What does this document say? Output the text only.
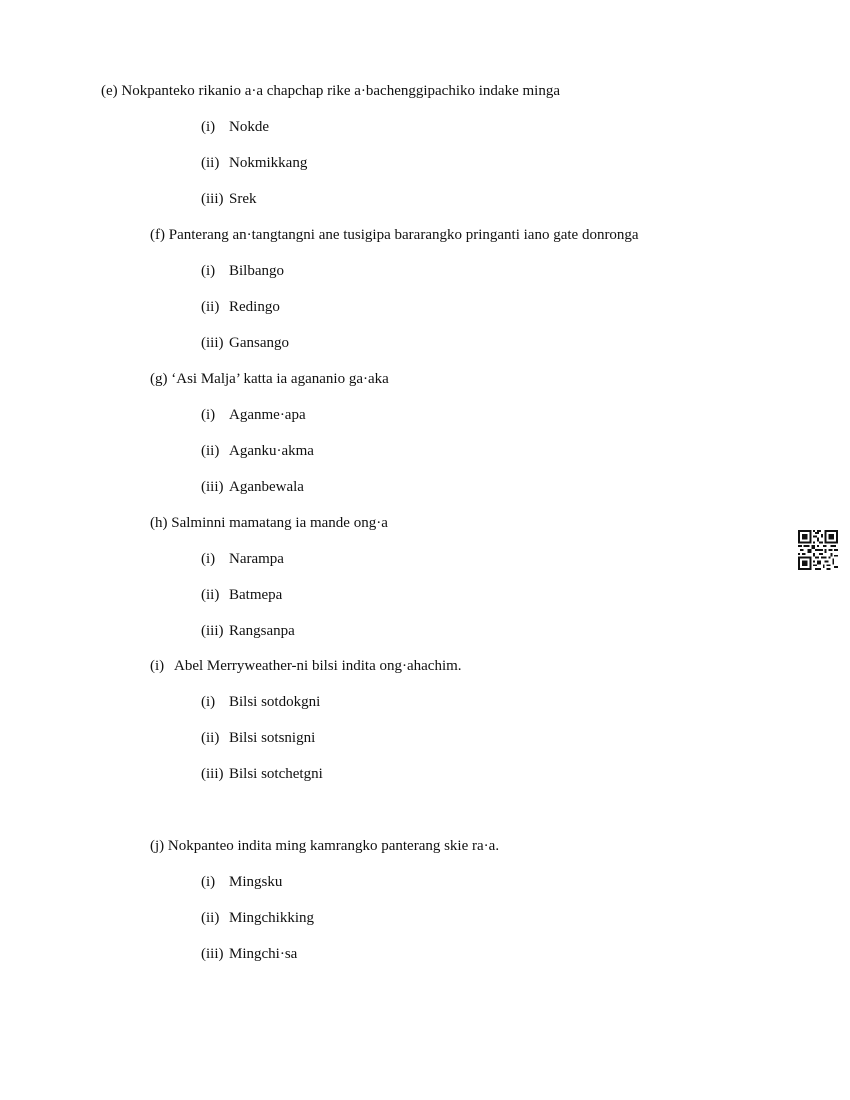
(e) Nokpanteko rikanio a·a chapchap rike a·bachenggipachiko indake minga
(i) Nokde
(ii) Nokmikkang
(iii) Srek
(f) Panterang an·tangtangni ane tusigipa bararangko pringanti iano gate donronga
(i) Bilbango
(ii) Redingo
(iii) Gansango
(g) ‘Asi Malja’ katta ia agananio ga·aka
(i) Aganme·apa
(ii) Aganku·akma
(iii) Aganbewala
(h) Salminni mamatang ia mande ong·a
(i) Narampa
(ii) Batmepa
(iii) Rangsanpa
(i) Abel Merryweather-ni bilsi indita ong·ahachim.
(i) Bilsi sotdokgni
(ii) Bilsi sotsnigni
(iii) Bilsi sotchetgni
(j) Nokpanteo indita ming kamrangko panterang skie ra·a.
(i) Mingsku
(ii) Mingchikking
(iii) Mingchi·sa
